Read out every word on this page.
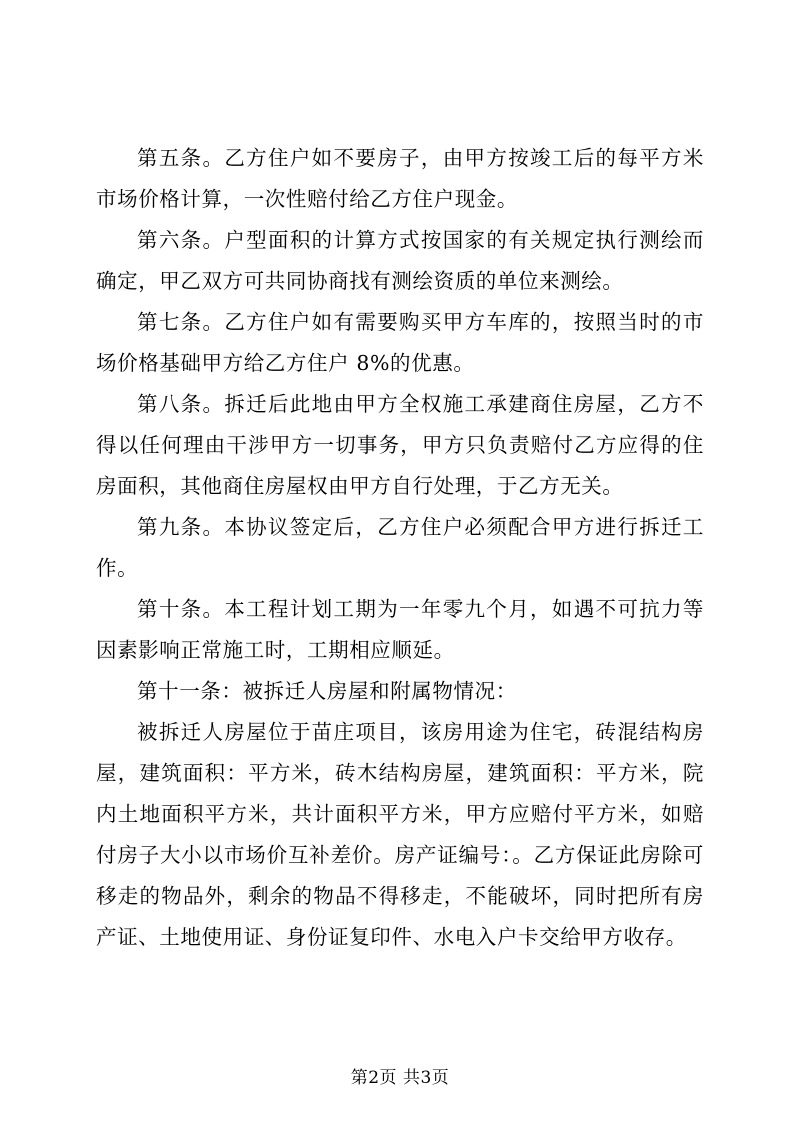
第五条。乙方住户如不要房子，由甲方按竣工后的每平方米市场价格计算，一次性赔付给乙方住户现金。

第六条。户型面积的计算方式按国家的有关规定执行测绘而确定，甲乙双方可共同协商找有测绘资质的单位来测绘。

第七条。乙方住户如有需要购买甲方车库的，按照当时的市场价格基础甲方给乙方住户 8%的优惠。

第八条。拆迁后此地由甲方全权施工承建商住房屋，乙方不得以任何理由干涉甲方一切事务，甲方只负责赔付乙方应得的住房面积，其他商住房屋权由甲方自行处理，于乙方无关。

第九条。本协议签定后，乙方住户必须配合甲方进行拆迁工作。

第十条。本工程计划工期为一年零九个月，如遇不可抗力等因素影响正常施工时，工期相应顺延。

第十一条：被拆迁人房屋和附属物情况：

被拆迁人房屋位于苗庄项目，该房用途为住宅，砖混结构房屋，建筑面积：平方米，砖木结构房屋，建筑面积：平方米，院内土地面积平方米，共计面积平方米，甲方应赔付平方米，如赔付房子大小以市场价互补差价。房产证编号：。乙方保证此房除可移走的物品外，剩余的物品不得移走，不能破坏，同时把所有房产证、土地使用证、身份证复印件、水电入户卡交给甲方收存。

第2页 共3页
